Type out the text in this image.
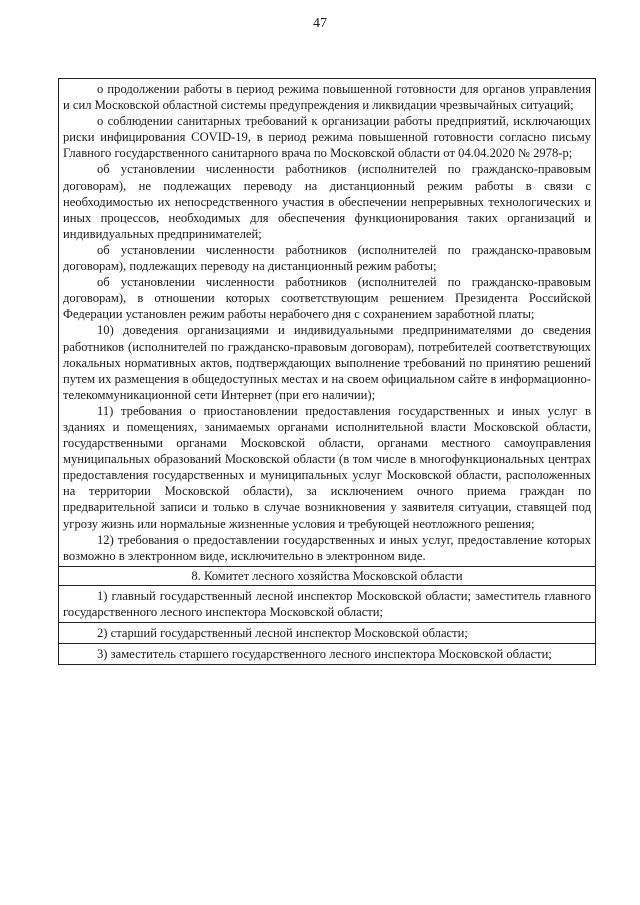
47

о продолжении работы в период режима повышенной готовности для органов управления и сил Московской областной системы предупреждения и ликвидации чрезвычайных ситуаций;

о соблюдении санитарных требований к организации работы предприятий, исключающих риски инфицирования COVID-19, в период режима повышенной готовности согласно письму Главного государственного санитарного врача по Московской области от 04.04.2020 № 2978-р;

об установлении численности работников (исполнителей по гражданско-правовым договорам), не подлежащих переводу на дистанционный режим работы в связи с необходимостью их непосредственного участия в обеспечении непрерывных технологических и иных процессов, необходимых для обеспечения функционирования таких организаций и индивидуальных предпринимателей;

об установлении численности работников (исполнителей по гражданско-правовым договорам), подлежащих переводу на дистанционный режим работы;

об установлении численности работников (исполнителей по гражданско-правовым договорам), в отношении которых соответствующим решением Президента Российской Федерации установлен режим работы нерабочего дня с сохранением заработной платы;

10) доведения организациями и индивидуальными предпринимателями до сведения работников (исполнителей по гражданско-правовым договорам), потребителей соответствующих локальных нормативных актов, подтверждающих выполнение требований по принятию решений путем их размещения в общедоступных местах и на своем официальном сайте в информационно-телекоммуникационной сети Интернет (при его наличии);

11) требования о приостановлении предоставления государственных и иных услуг в зданиях и помещениях, занимаемых органами исполнительной власти Московской области, государственными органами Московской области, органами местного самоуправления муниципальных образований Московской области (в том числе в многофункциональных центрах предоставления государственных и муниципальных услуг Московской области, расположенных на территории Московской области), за исключением очного приема граждан по предварительной записи и только в случае возникновения у заявителя ситуации, ставящей под угрозу жизнь или нормальные жизненные условия и требующей неотложного решения;

12) требования о предоставлении государственных и иных услуг, предоставление которых возможно в электронном виде, исключительно в электронном виде.

8. Комитет лесного хозяйства Московской области

1) главный государственный лесной инспектор Московской области; заместитель главного государственного лесного инспектора Московской области;

2) старший государственный лесной инспектор Московской области;

3) заместитель старшего государственного лесного инспектора Московской области;
